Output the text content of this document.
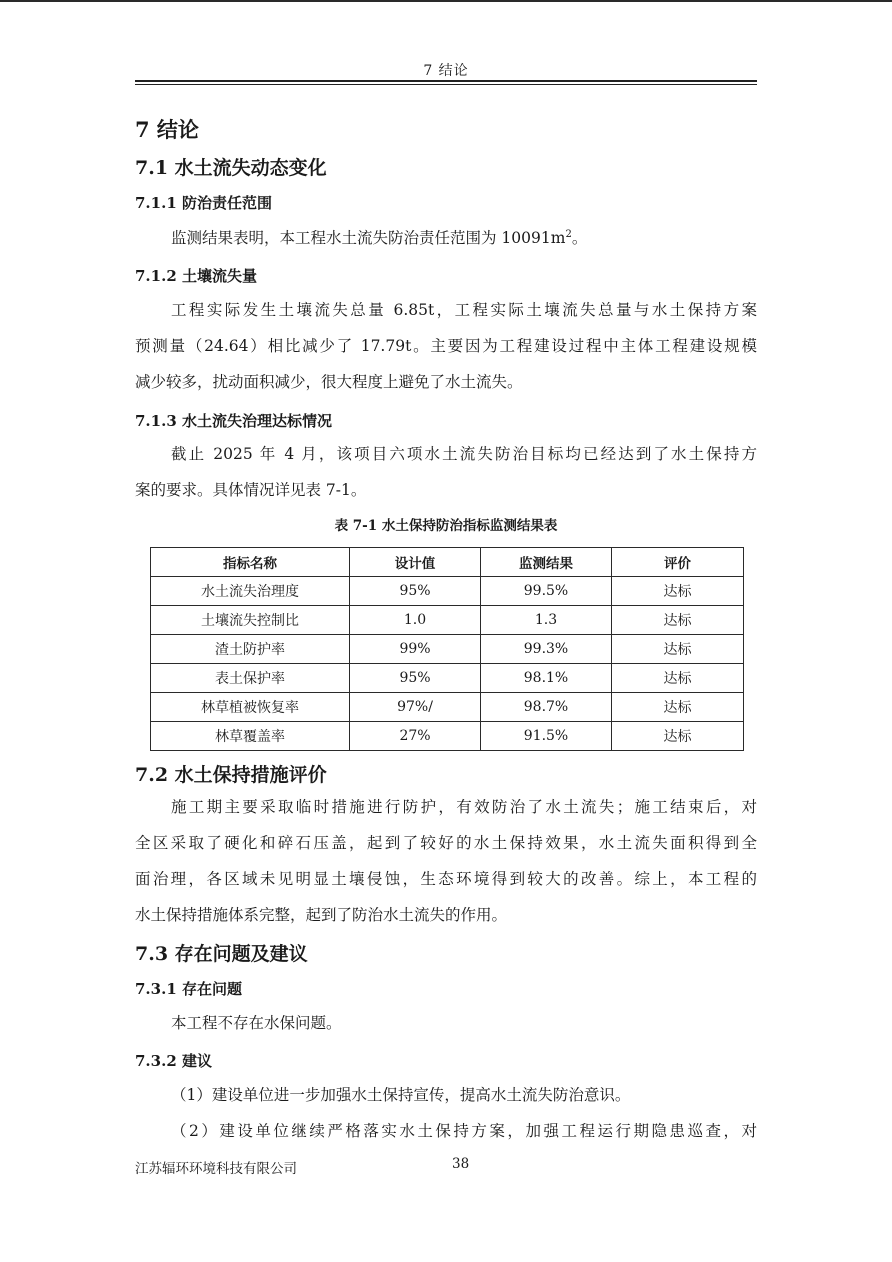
7 结论
7 结论
7.1 水土流失动态变化
7.1.1 防治责任范围
监测结果表明，本工程水土流失防治责任范围为 $10091m^2$。
7.1.2 土壤流失量
工程实际发生土壤流失总量 6.85t，工程实际土壤流失总量与水土保持方案
预测量（24.64）相比减少了 17.79t。主要因为工程建设过程中主体工程建设规模
减少较多，扰动面积减少，很大程度上避免了水土流失。
7.1.3 水土流失治理达标情况
截止 2025 年 4 月，该项目六项水土流失防治目标均已经达到了水土保持方
案的要求。具体情况详见表 7-1。
表 7-1 水土保持防治指标监测结果表
指标名称	设计值	监测结果	评价
水土流失治理度	95%	99.5%	达标
土壤流失控制比	1.0	1.3	达标
渣土防护率	99%	99.3%	达标
表土保护率	95%	98.1%	达标
林草植被恢复率	97%/	98.7%	达标
林草覆盖率	27%	91.5%	达标
7.2 水土保持措施评价
施工期主要采取临时措施进行防护，有效防治了水土流失；施工结束后，对
全区采取了硬化和碎石压盖，起到了较好的水土保持效果，水土流失面积得到全
面治理，各区域未见明显土壤侵蚀，生态环境得到较大的改善。综上，本工程的
水土保持措施体系完整，起到了防治水土流失的作用。
7.3 存在问题及建议
7.3.1 存在问题
本工程不存在水保问题。
7.3.2 建议
（1）建设单位进一步加强水土保持宣传，提高水土流失防治意识。
（2）建设单位继续严格落实水土保持方案，加强工程运行期隐患巡查，对
江苏辐环环境科技有限公司	38
